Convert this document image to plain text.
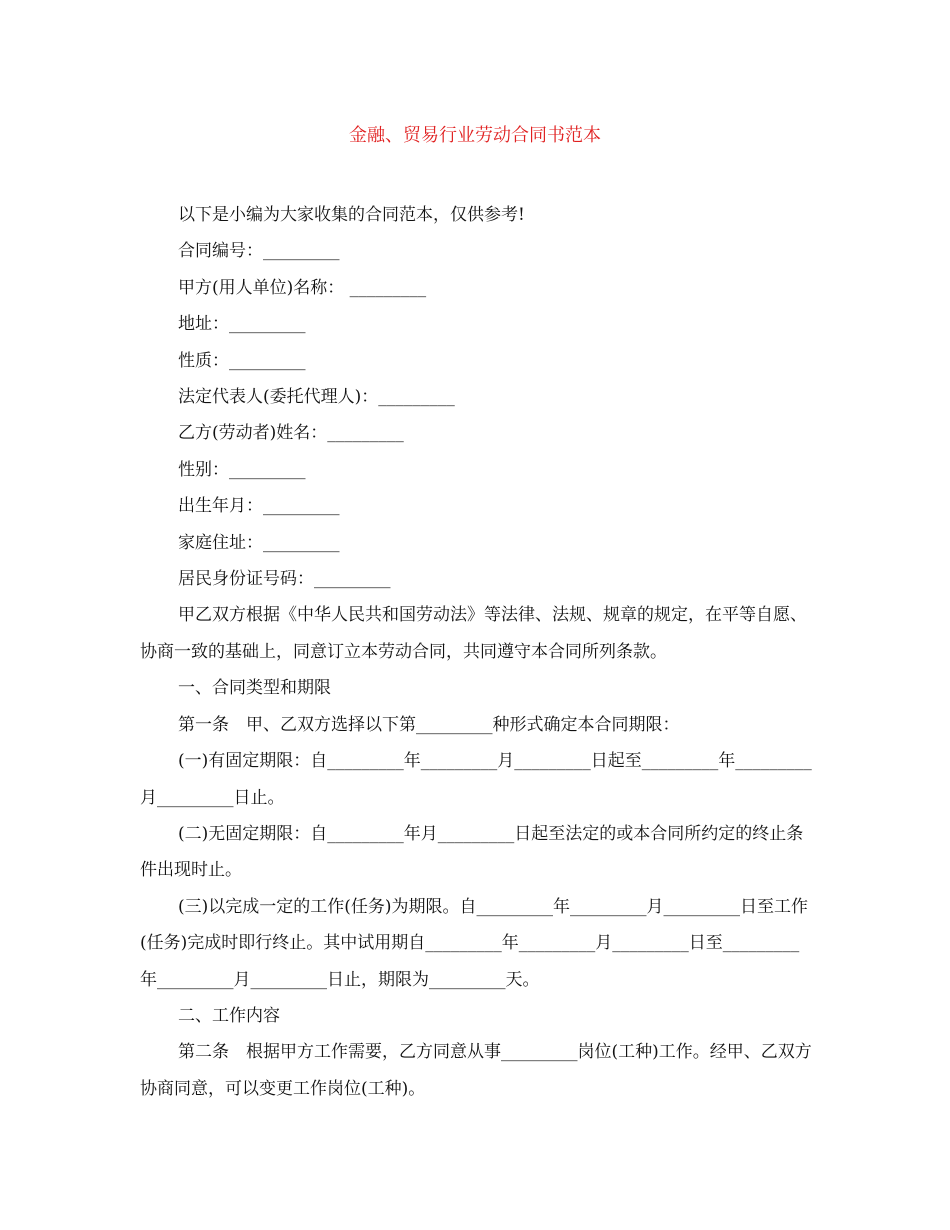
金融、贸易行业劳动合同书范本

以下是小编为大家收集的合同范本，仅供参考!

合同编号：_________

甲方(用人单位)名称： _________

地址：_________

性质：_________

法定代表人(委托代理人)：_________

乙方(劳动者)姓名：_________

性别：_________

出生年月：_________

家庭住址：_________

居民身份证号码：_________

甲乙双方根据《中华人民共和国劳动法》等法律、法规、规章的规定，在平等自愿、协商一致的基础上，同意订立本劳动合同，共同遵守本合同所列条款。

一、合同类型和期限

第一条　甲、乙双方选择以下第_________种形式确定本合同期限：

(一)有固定期限：自_________年_________月_________日起至_________年_________月_________日止。

(二)无固定期限：自_________年月_________日起至法定的或本合同所约定的终止条件出现时止。

(三)以完成一定的工作(任务)为期限。自_________年_________月_________日至工作(任务)完成时即行终止。其中试用期自_________年_________月_________日至_________年_________月_________日止，期限为_________天。

二、工作内容

第二条　根据甲方工作需要，乙方同意从事_________岗位(工种)工作。经甲、乙双方协商同意，可以变更工作岗位(工种)。
